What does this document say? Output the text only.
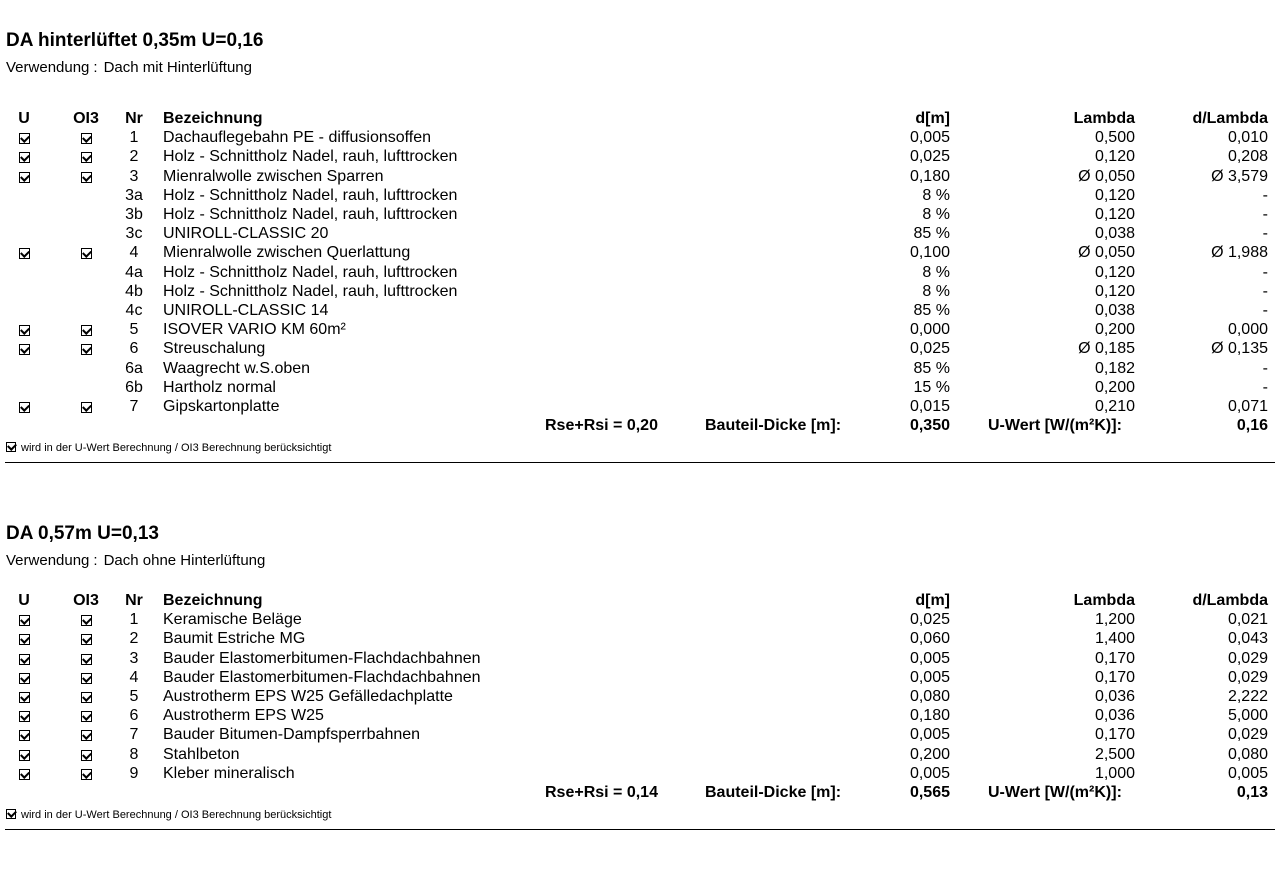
DA hinterlüftet 0,35m U=0,16
Verwendung : Dach mit Hinterlüftung
U	OI3	Nr	Bezeichnung	d[m]	Lambda	d/Lambda
1	Dachauflegebahn PE - diffusionsoffen	0,005	0,500	0,010
2	Holz - Schnittholz Nadel, rauh, lufttrocken	0,025	0,120	0,208
3	Mienralwolle zwischen Sparren	0,180	Ø 0,050	Ø 3,579
3a	Holz - Schnittholz Nadel, rauh, lufttrocken	8 %	0,120	-
3b	Holz - Schnittholz Nadel, rauh, lufttrocken	8 %	0,120	-
3c	UNIROLL-CLASSIC 20	85 %	0,038	-
4	Mienralwolle zwischen Querlattung	0,100	Ø 0,050	Ø 1,988
4a	Holz - Schnittholz Nadel, rauh, lufttrocken	8 %	0,120	-
4b	Holz - Schnittholz Nadel, rauh, lufttrocken	8 %	0,120	-
4c	UNIROLL-CLASSIC 14	85 %	0,038	-
5	ISOVER VARIO KM 60m²	0,000	0,200	0,000
6	Streuschalung	0,025	Ø 0,185	Ø 0,135
6a	Waagrecht w.S.oben	85 %	0,182	-
6b	Hartholz normal	15 %	0,200	-
7	Gipskartonplatte	0,015	0,210	0,071
Rse+Rsi = 0,20	Bauteil-Dicke [m]:	0,350 U-Wert [W/(m²K)]:	0,16
wird in der U-Wert Berechnung / OI3 Berechnung berücksichtigt
DA 0,57m U=0,13
Verwendung : Dach ohne Hinterlüftung
U	OI3	Nr	Bezeichnung	d[m]	Lambda	d/Lambda
1	Keramische Beläge	0,025	1,200	0,021
2	Baumit Estriche MG	0,060	1,400	0,043
3	Bauder Elastomerbitumen-Flachdachbahnen	0,005	0,170	0,029
4	Bauder Elastomerbitumen-Flachdachbahnen	0,005	0,170	0,029
5	Austrotherm EPS W25 Gefälledachplatte	0,080	0,036	2,222
6	Austrotherm EPS W25	0,180	0,036	5,000
7	Bauder Bitumen-Dampfsperrbahnen	0,005	0,170	0,029
8	Stahlbeton	0,200	2,500	0,080
9	Kleber mineralisch	0,005	1,000	0,005
Rse+Rsi = 0,14	Bauteil-Dicke [m]:	0,565 U-Wert [W/(m²K)]:	0,13
wird in der U-Wert Berechnung / OI3 Berechnung berücksichtigt
